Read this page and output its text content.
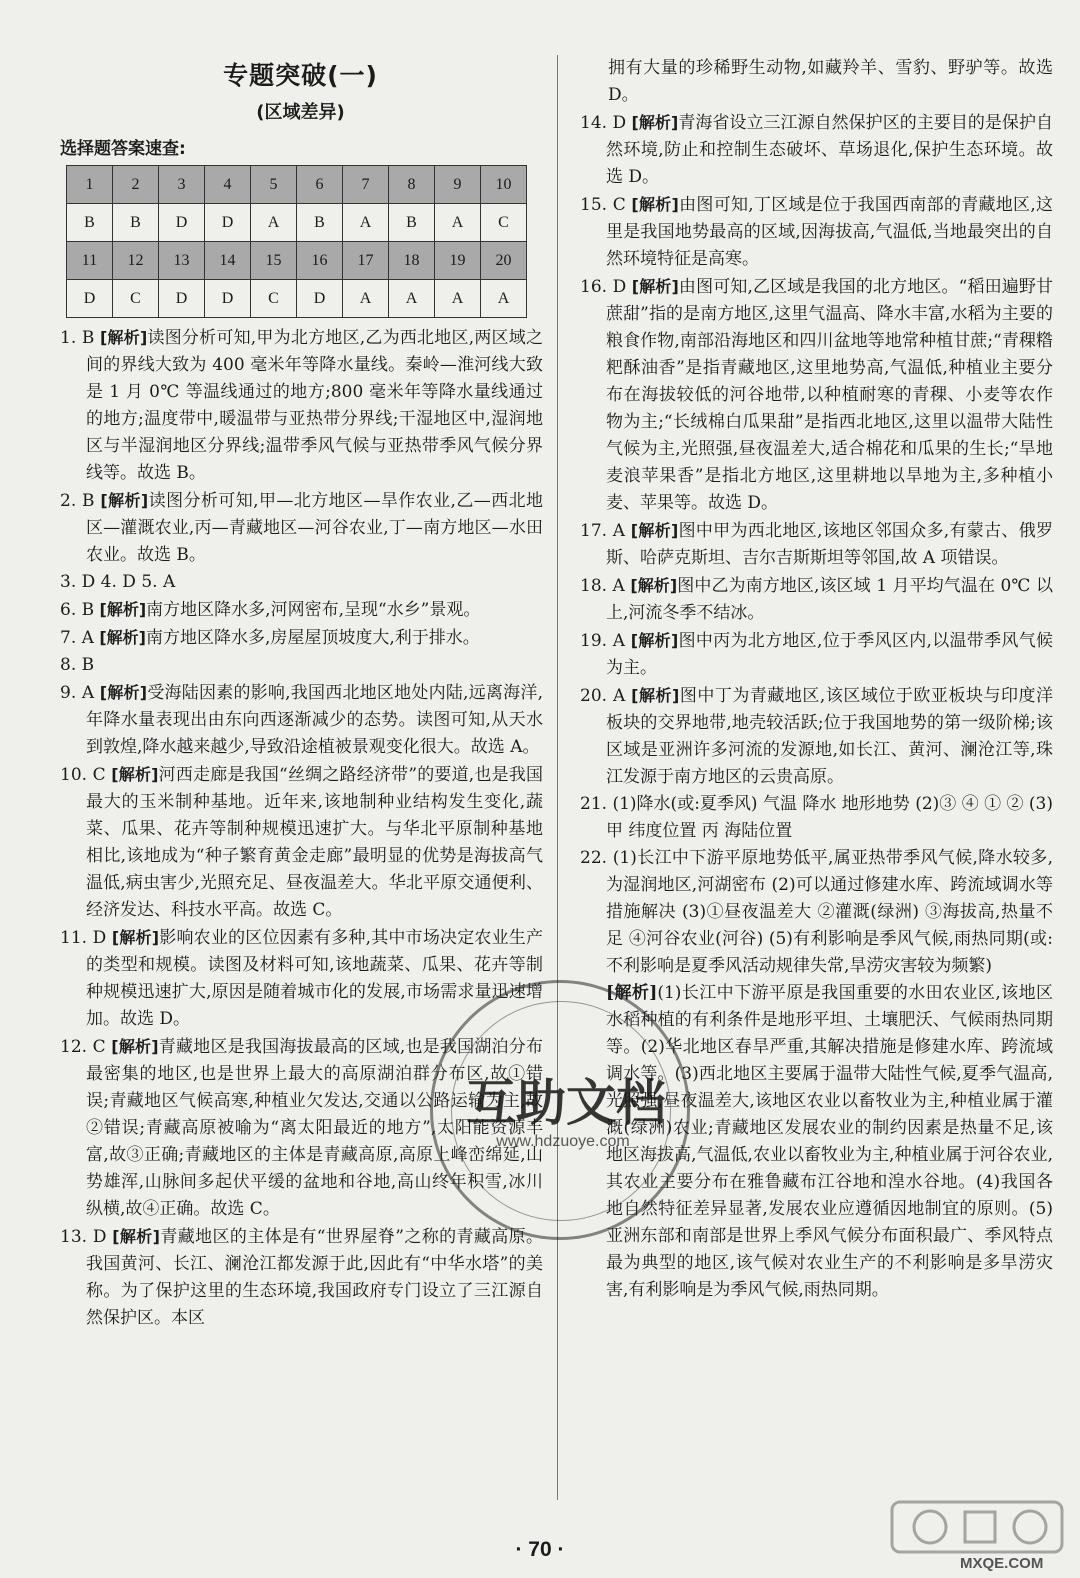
专题突破(一)
(区域差异)
选择题答案速查:
1	2	3	4	5	6	7	8	9	10
B	B	D	D	A	B	A	B	A	C
11	12	13	14	15	16	17	18	19	20
D	C	D	D	C	D	A	A	A	A

1. B [解析]读图分析可知,甲为北方地区,乙为西北地区,两区域之间的界线大致为 400 毫米年等降水量线。秦岭—淮河线大致是 1 月 0℃ 等温线通过的地方;800 毫米年等降水量线通过的地方;温度带中,暖温带与亚热带分界线;干湿地区中,湿润地区与半湿润地区分界线;温带季风气候与亚热带季风气候分界线等。故选 B。

2. B [解析]读图分析可知,甲—北方地区—旱作农业,乙—西北地区—灌溉农业,丙—青藏地区—河谷农业,丁—南方地区—水田农业。故选 B。

3. D 4. D 5. A

6. B [解析]南方地区降水多,河网密布,呈现“水乡”景观。

7. A [解析]南方地区降水多,房屋屋顶坡度大,利于排水。

8. B

9. A [解析]受海陆因素的影响,我国西北地区地处内陆,远离海洋,年降水量表现出由东向西逐渐减少的态势。读图可知,从天水到敦煌,降水越来越少,导致沿途植被景观变化很大。故选 A。

10. C [解析]河西走廊是我国“丝绸之路经济带”的要道,也是我国最大的玉米制种基地。近年来,该地制种业结构发生变化,蔬菜、瓜果、花卉等制种规模迅速扩大。与华北平原制种基地相比,该地成为“种子繁育黄金走廊”最明显的优势是海拔高气温低,病虫害少,光照充足、昼夜温差大。华北平原交通便利、经济发达、科技水平高。故选 C。

11. D [解析]影响农业的区位因素有多种,其中市场决定农业生产的类型和规模。读图及材料可知,该地蔬菜、瓜果、花卉等制种规模迅速扩大,原因是随着城市化的发展,市场需求量迅速增加。故选 D。

12. C [解析]青藏地区是我国海拔最高的区域,也是我国湖泊分布最密集的地区,也是世界上最大的高原湖泊群分布区,故①错误;青藏地区气候高寒,种植业欠发达,交通以公路运输为主,故②错误;青藏高原被喻为“离太阳最近的地方”,太阳能资源丰富,故③正确;青藏地区的主体是青藏高原,高原上峰峦绵延,山势雄浑,山脉间多起伏平缓的盆地和谷地,高山终年积雪,冰川纵横,故④正确。故选 C。

13. D [解析]青藏地区的主体是有“世界屋脊”之称的青藏高原。我国黄河、长江、澜沧江都发源于此,因此有“中华水塔”的美称。为了保护这里的生态环境,我国政府专门设立了三江源自然保护区。本区

拥有大量的珍稀野生动物,如藏羚羊、雪豹、野驴等。故选 D。

14. D [解析]青海省设立三江源自然保护区的主要目的是保护自然环境,防止和控制生态破坏、草场退化,保护生态环境。故选 D。

15. C [解析]由图可知,丁区域是位于我国西南部的青藏地区,这里是我国地势最高的区域,因海拔高,气温低,当地最突出的自然环境特征是高寒。

16. D [解析]由图可知,乙区域是我国的北方地区。“稻田遍野甘蔗甜”指的是南方地区,这里气温高、降水丰富,水稻为主要的粮食作物,南部沿海地区和四川盆地等地常种植甘蔗;“青稞糌粑酥油香”是指青藏地区,这里地势高,气温低,种植业主要分布在海拔较低的河谷地带,以种植耐寒的青稞、小麦等农作物为主;“长绒棉白瓜果甜”是指西北地区,这里以温带大陆性气候为主,光照强,昼夜温差大,适合棉花和瓜果的生长;“旱地麦浪苹果香”是指北方地区,这里耕地以旱地为主,多种植小麦、苹果等。故选 D。

17. A [解析]图中甲为西北地区,该地区邻国众多,有蒙古、俄罗斯、哈萨克斯坦、吉尔吉斯斯坦等邻国,故 A 项错误。

18. A [解析]图中乙为南方地区,该区域 1 月平均气温在 0℃ 以上,河流冬季不结冰。

19. A [解析]图中丙为北方地区,位于季风区内,以温带季风气候为主。

20. A [解析]图中丁为青藏地区,该区域位于欧亚板块与印度洋板块的交界地带,地壳较活跃;位于我国地势的第一级阶梯;该区域是亚洲许多河流的发源地,如长江、黄河、澜沧江等,珠江发源于南方地区的云贵高原。

21. (1)降水(或:夏季风) 气温 降水 地形地势 (2)③ ④ ① ② (3)甲 纬度位置 丙 海陆位置

22. (1)长江中下游平原地势低平,属亚热带季风气候,降水较多,为湿润地区,河湖密布 (2)可以通过修建水库、跨流域调水等措施解决 (3)①昼夜温差大 ②灌溉(绿洲) ③海拔高,热量不足 ④河谷农业(河谷) (5)有利影响是季风气候,雨热同期(或:不利影响是夏季风活动规律失常,旱涝灾害较为频繁)

[解析](1)长江中下游平原是我国重要的水田农业区,该地区水稻种植的有利条件是地形平坦、土壤肥沃、气候雨热同期等。(2)华北地区春旱严重,其解决措施是修建水库、跨流域调水等。(3)西北地区主要属于温带大陆性气候,夏季气温高,光照强,昼夜温差大,该地区农业以畜牧业为主,种植业属于灌溉(绿洲)农业;青藏地区发展农业的制约因素是热量不足,该地区海拔高,气温低,农业以畜牧业为主,种植业属于河谷农业,其农业主要分布在雅鲁藏布江谷地和湟水谷地。(4)我国各地自然特征差异显著,发展农业应遵循因地制宜的原则。(5)亚洲东部和南部是世界上季风气候分布面积最广、季风特点最为典型的地区,该气候对农业生产的不利影响是多旱涝灾害,有利影响是为季风气候,雨热同期。

互助文档
www.hdzuoye.com
MXQE.COM
· 70 ·
